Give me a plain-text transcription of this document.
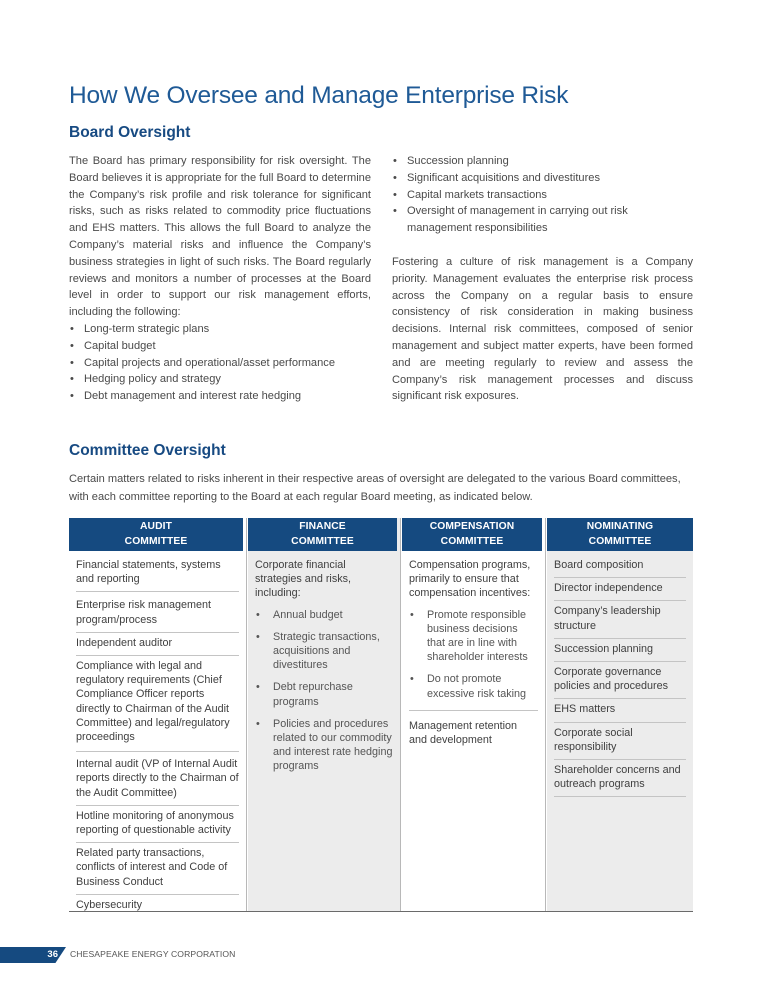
How We Oversee and Manage Enterprise Risk
Board Oversight

The Board has primary responsibility for risk oversight. The Board believes it is appropriate for the full Board to determine the Company’s risk profile and risk tolerance for significant risks, such as risks related to commodity price fluctuations and EHS matters. This allows the full Board to analyze the Company’s material risks and influence the Company’s business strategies in light of such risks. The Board regularly reviews and monitors a number of processes at the Board level in order to support our risk management efforts, including the following:

• Long-term strategic plans
• Capital budget
• Capital projects and operational/asset performance
• Hedging policy and strategy
• Debt management and interest rate hedging
• Succession planning
• Significant acquisitions and divestitures
• Capital markets transactions
• Oversight of management in carrying out risk management responsibilities

Fostering a culture of risk management is a Company priority. Management evaluates the enterprise risk process across the Company on a regular basis to ensure consistency of risk consideration in making business decisions. Internal risk committees, composed of senior management and subject matter experts, have been formed and are meeting regularly to review and assess the Company’s risk management processes and discuss significant risk exposures.

Committee Oversight

Certain matters related to risks inherent in their respective areas of oversight are delegated to the various Board committees, with each committee reporting to the Board at each regular Board meeting, as indicated below.

AUDIT
COMMITTEE
Financial statements, systems and reporting
Enterprise risk management program/process
Independent auditor
Compliance with legal and regulatory requirements (Chief Compliance Officer reports directly to Chairman of the Audit Committee) and legal/regulatory proceedings
Internal audit (VP of Internal Audit reports directly to the Chairman of the Audit Committee)
Hotline monitoring of anonymous reporting of questionable activity
Related party transactions, conflicts of interest and Code of Business Conduct
Cybersecurity
FINANCE
COMMITTEE
Corporate financial strategies and risks, including:
• Annual budget
• Strategic transactions, acquisitions and divestitures
• Debt repurchase programs
• Policies and procedures related to our commodity and interest rate hedging programs
COMPENSATION
COMMITTEE
Compensation programs, primarily to ensure that compensation incentives:
• Promote responsible business decisions that are in line with shareholder interests
• Do not promote excessive risk taking
Management retention and development
NOMINATING
COMMITTEE
Board composition
Director independence
Company’s leadership structure
Succession planning
Corporate governance policies and procedures
EHS matters
Corporate social responsibility
Shareholder concerns and outreach programs
36 CHESAPEAKE ENERGY CORPORATION
